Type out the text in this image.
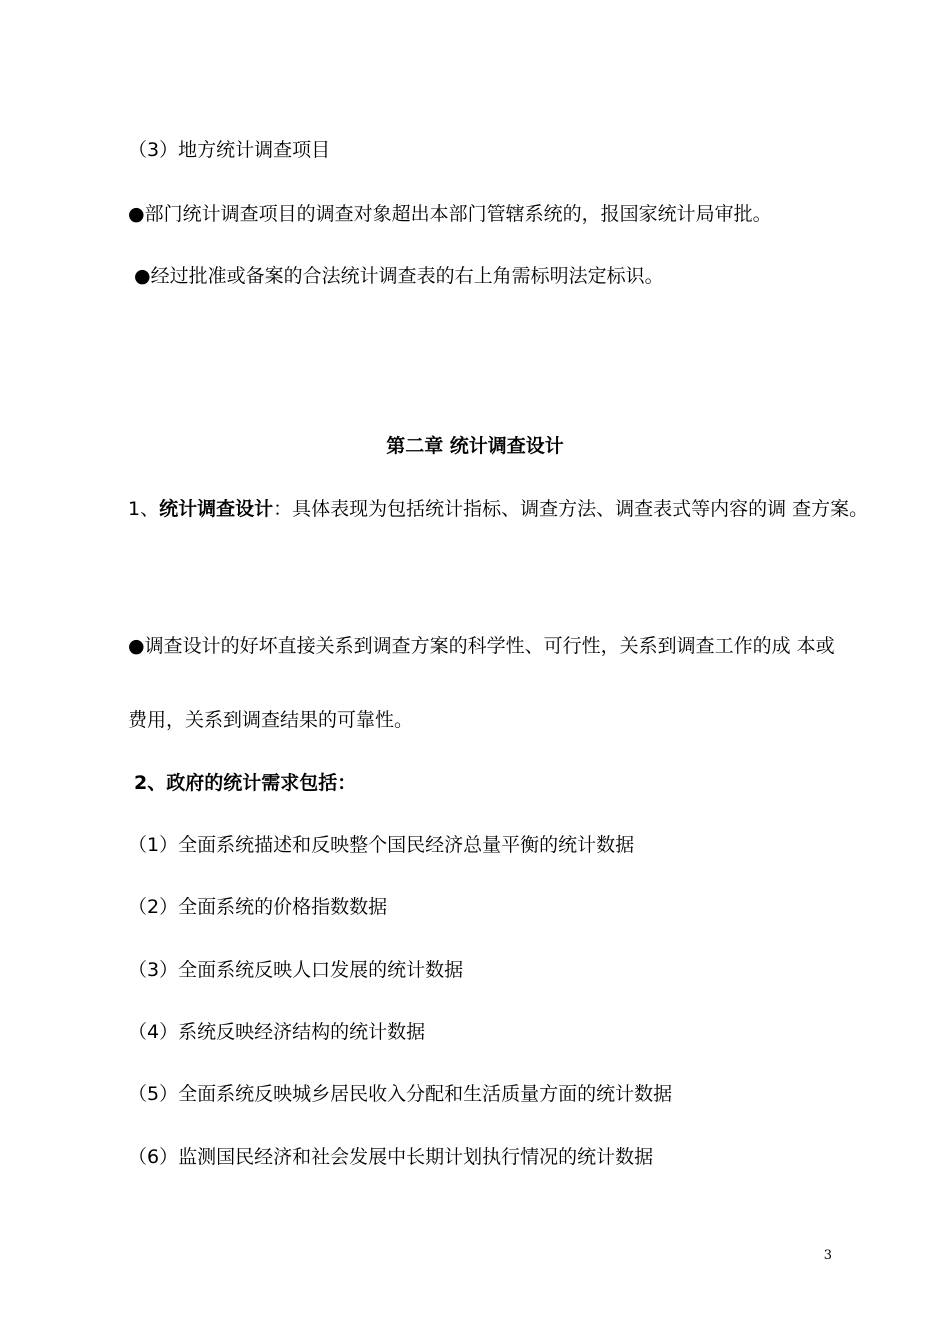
（3）地方统计调查项目
●部门统计调查项目的调查对象超出本部门管辖系统的，报国家统计局审批。
●经过批准或备案的合法统计调查表的右上角需标明法定标识。
第二章 统计调查设计
1、统计调查设计：具体表现为包括统计指标、调查方法、调查表式等内容的调 查方案。
●调查设计的好坏直接关系到调查方案的科学性、可行性，关系到调查工作的成 本或
费用，关系到调查结果的可靠性。
2、政府的统计需求包括：
（1）全面系统描述和反映整个国民经济总量平衡的统计数据
（2）全面系统的价格指数数据
（3）全面系统反映人口发展的统计数据
（4）系统反映经济结构的统计数据
（5）全面系统反映城乡居民收入分配和生活质量方面的统计数据
（6）监测国民经济和社会发展中长期计划执行情况的统计数据
3
